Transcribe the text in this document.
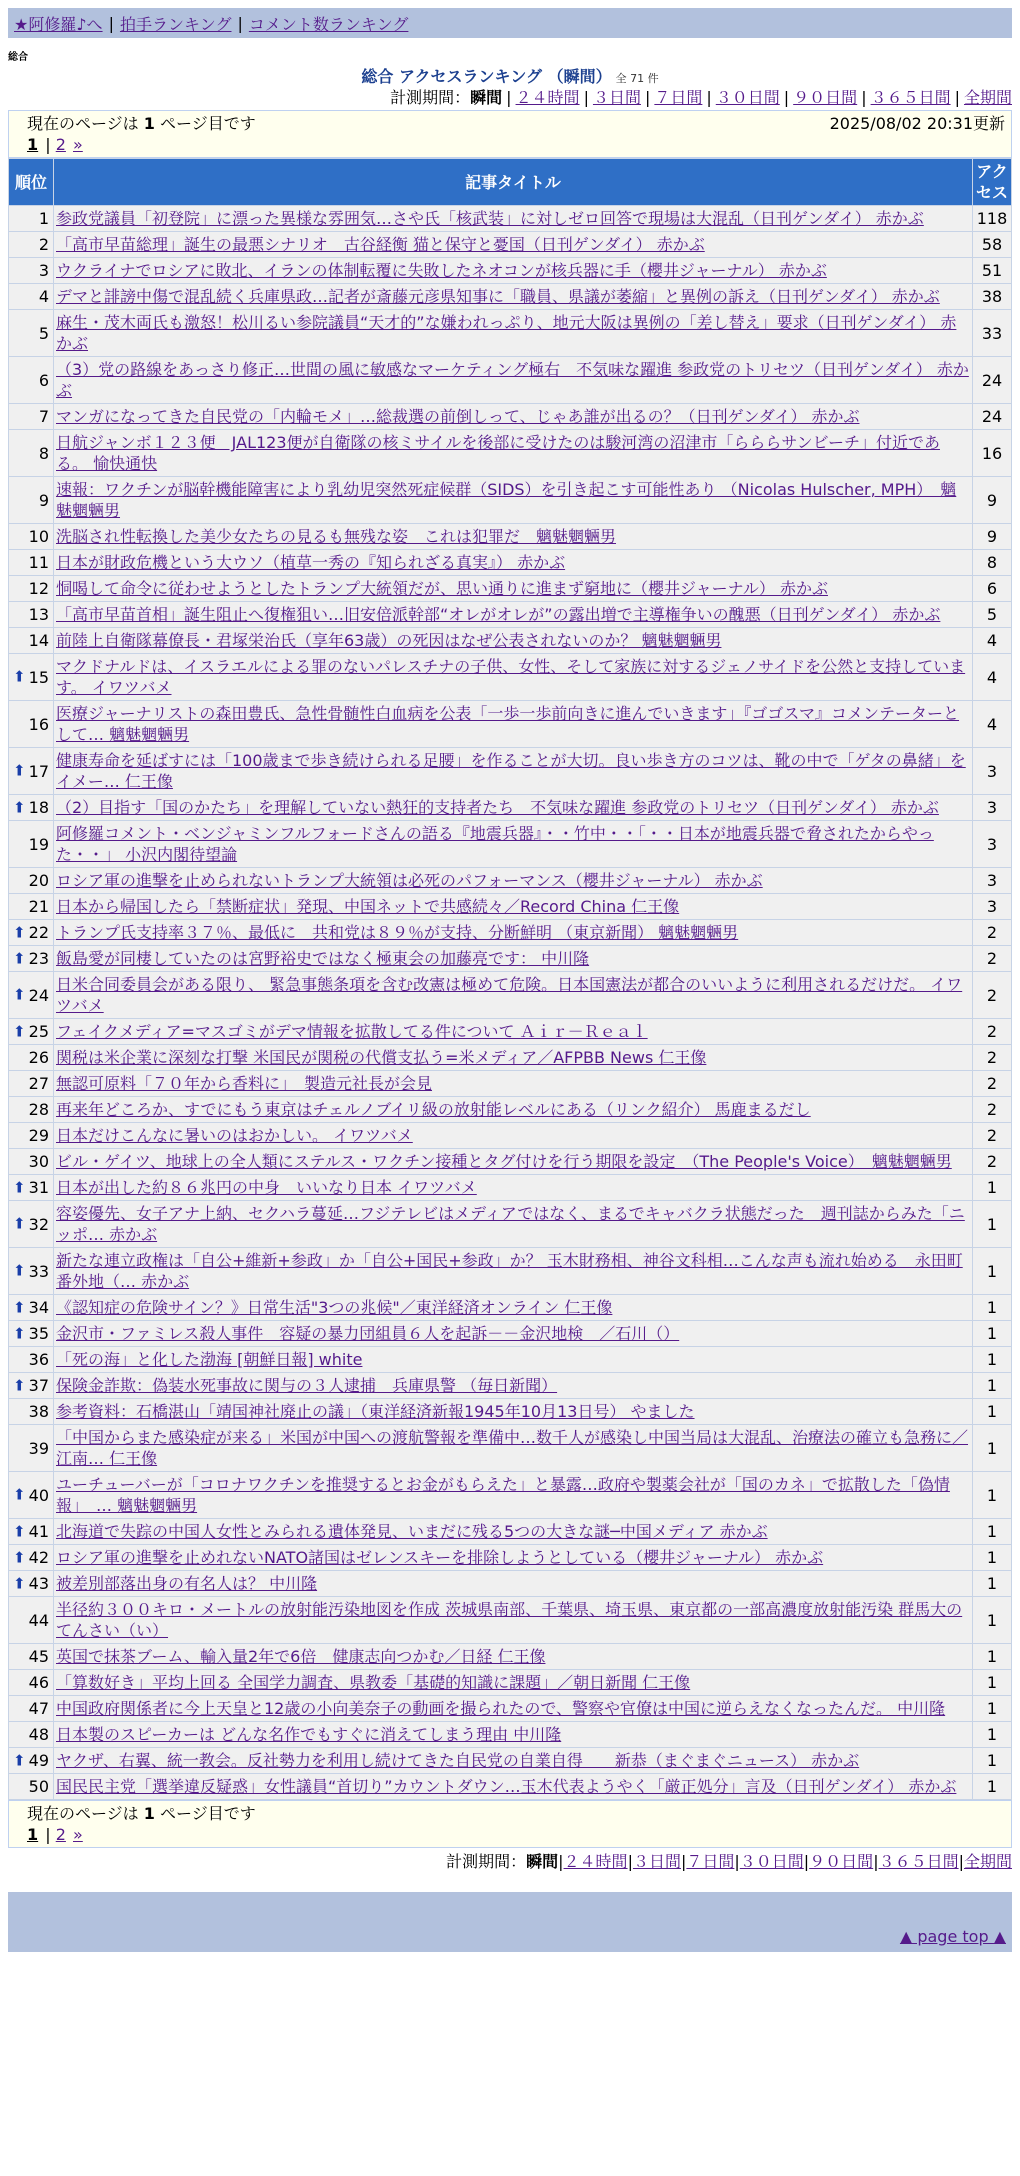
★阿修羅♪へ | 拍手ランキング | コメント数ランキング
総合
総合 アクセスランキング （瞬間） 全 71 件
計測期間：瞬間 | ２４時間 | ３日間 | ７日間 | ３０日間 | ９０日間 | ３６５日間 | 全期間
現在のページは 1 ページ目です	2025/08/02 20:31更新
1 | 2 »
順位	記事タイトル	アクセス
1	参政党議員「初登院」に漂った異様な雰囲気…さや氏「核武装」に対しゼロ回答で現場は大混乱（日刊ゲンダイ） 赤かぶ	118
2	「高市早苗総理」誕生の最悪シナリオ　古谷経衡 猫と保守と憂国（日刊ゲンダイ） 赤かぶ	58
3	ウクライナでロシアに敗北、イランの体制転覆に失敗したネオコンが核兵器に手（櫻井ジャーナル） 赤かぶ	51
4	デマと誹謗中傷で混乱続く兵庫県政…記者が斎藤元彦県知事に「職員、県議が萎縮」と異例の訴え（日刊ゲンダイ） 赤かぶ	38
5	麻生・茂木両氏も激怒！松川るい参院議員“天才的”な嫌われっぷり、地元大阪は異例の「差し替え」要求（日刊ゲンダイ） 赤かぶ	33
6	（3）党の路線をあっさり修正…世間の風に敏感なマーケティング極右　不気味な躍進 参政党のトリセツ（日刊ゲンダイ） 赤かぶ	24
7	マンガになってきた自民党の「内輪モメ」…総裁選の前倒しって、じゃあ誰が出るの？（日刊ゲンダイ） 赤かぶ	24
8	日航ジャンボ１２３便　JAL123便が自衛隊の核ミサイルを後部に受けたのは駿河湾の沼津市「らららサンビーチ」付近である。 愉快通快	16
9	速報：ワクチンが脳幹機能障害により乳幼児突然死症候群（SIDS）を引き起こす可能性あり （Nicolas Hulscher, MPH）　魑魅魍魎男	9
10	洗脳され性転換した美少女たちの見るも無残な姿　これは犯罪だ　魑魅魍魎男	9
11	日本が財政危機という大ウソ（植草一秀の『知られざる真実』） 赤かぶ	8
12	恫喝して命令に従わせようとしたトランプ大統領だが、思い通りに進まず窮地に（櫻井ジャーナル） 赤かぶ	6
13	「高市早苗首相」誕生阻止へ復権狙い…旧安倍派幹部“オレがオレが”の露出増で主導権争いの醜悪（日刊ゲンダイ） 赤かぶ	5
14	前陸上自衛隊幕僚長・君塚栄治氏（享年63歳）の死因はなぜ公表されないのか？ 魑魅魍魎男	4

⬆ 15	マクドナルドは、イスラエルによる罪のないパレスチナの子供、女性、そして家族に対するジェノサイドを公然と支持しています。 イワツバメ	4
16	医療ジャーナリストの森田豊氏、急性骨髄性白血病を公表「一歩一歩前向きに進んでいきます」『ゴゴスマ』コメンテーターとして… 魑魅魍魎男	4

⬆ 17	健康寿命を延ばすには「100歳まで歩き続けられる足腰」を作ることが大切。良い歩き方のコツは、靴の中で「ゲタの鼻緒」をイメー… 仁王像	3

⬆ 18	（2）目指す「国のかたち」を理解していない熱狂的支持者たち　不気味な躍進 参政党のトリセツ（日刊ゲンダイ） 赤かぶ	3
19	阿修羅コメント・ベンジャミンフルフォードさんの語る『地震兵器』・・竹中・・「・・日本が地震兵器で脅されたからやった・・」 小沢内閣待望論	3
20	ロシア軍の進撃を止められないトランプ大統領は必死のパフォーマンス（櫻井ジャーナル） 赤かぶ	3
21	日本から帰国したら「禁断症状」発現、中国ネットで共感続々／Record China 仁王像	3

⬆ 22	トランプ氏支持率３７％、最低に　共和党は８９％が支持、分断鮮明 （東京新聞） 魑魅魍魎男	2

⬆ 23	飯島愛が同棲していたのは宮野裕史ではなく極東会の加藤亮です： 中川隆	2

⬆ 24	日米合同委員会がある限り、 緊急事態条項を含む改憲は極めて危険。日本国憲法が都合のいいように利用されるだけだ。 イワツバメ	2

⬆ 25	フェイクメディア=マスゴミがデマ情報を拡散してる件について Ａｉｒ－Ｒｅａｌ	2
26	関税は米企業に深刻な打撃 米国民が関税の代償支払う=米メディア／AFPBB News 仁王像	2
27	無認可原料「７０年から香料に」　製造元社長が会見	2
28	再来年どころか、すでにもう東京はチェルノブイリ級の放射能レベルにある（リンク紹介） 馬鹿まるだし	2
29	日本だけこんなに暑いのはおかしい。 イワツバメ	2
30	ビル・ゲイツ、地球上の全人類にステルス・ワクチン接種とタグ付けを行う期限を設定　（The People's Voice）　魑魅魍魎男	2

⬆ 31	日本が出した約８６兆円の中身　いいなり日本 イワツバメ	1

⬆ 32	容姿優先、女子アナ上納、セクハラ蔓延…フジテレビはメディアではなく、まるでキャバクラ状態だった　週刊誌からみた「ニッポ… 赤かぶ	1

⬆ 33	新たな連立政権は「自公+維新+参政」か「自公+国民+参政」か？ 玉木財務相、神谷文科相…こんな声も流れ始める　永田町番外地（… 赤かぶ	1

⬆ 34	《認知症の危険サイン？》日常生活"3つの兆候"／東洋経済オンライン 仁王像	1

⬆ 35	金沢市・ファミレス殺人事件　容疑の暴力団組員６人を起訴－－金沢地検　／石川（）	1
36	「死の海」と化した渤海 [朝鮮日報] white	1

⬆ 37	保険金詐欺：偽装水死事故に関与の３人逮捕　兵庫県警 （毎日新聞）	1
38	参考資料：石橋湛山「靖国神社廃止の議」（東洋経済新報1945年10月13日号） やました	1
39	「中国からまた感染症が来る」米国が中国への渡航警報を準備中…数千人が感染し中国当局は大混乱、治療法の確立も急務に／江南… 仁王像	1

⬆ 40	ユーチューバーが「コロナワクチンを推奨するとお金がもらえた」と暴露…政府や製薬会社が「国のカネ」で拡散した「偽情報」　… 魑魅魍魎男	1

⬆ 41	北海道で失踪の中国人女性とみられる遺体発見、いまだに残る5つの大きな謎─中国メディア 赤かぶ	1

⬆ 42	ロシア軍の進撃を止めれないNATO諸国はゼレンスキーを排除しようとしている（櫻井ジャーナル） 赤かぶ	1

⬆ 43	被差別部落出身の有名人は？ 中川隆	1
44	半径約３００キロ・メートルの放射能汚染地図を作成 茨城県南部、千葉県、埼玉県、東京都の一部高濃度放射能汚染 群馬大のてんさい（い）	1
45	英国で抹茶ブーム、輸入量2年で6倍　健康志向つかむ／日経 仁王像	1
46	「算数好き」平均上回る 全国学力調査、県教委「基礎的知識に課題」／朝日新聞 仁王像	1
47	中国政府関係者に今上天皇と12歳の小向美奈子の動画を撮られたので、警察や官僚は中国に逆らえなくなったんだ。 中川隆	1
48	日本製のスピーカーは どんな名作でもすぐに消えてしまう理由 中川隆	1

⬆ 49	ヤクザ、右翼、統一教会。反社勢力を利用し続けてきた自民党の自業自得　　新恭（まぐまぐニュース） 赤かぶ	1
50	国民民主党「選挙違反疑惑」女性議員“首切り”カウントダウン…玉木代表ようやく「厳正処分」言及（日刊ゲンダイ） 赤かぶ	1
現在のページは 1 ページ目です
1 | 2 »
計測期間：瞬間|２４時間|３日間|７日間|３０日間|９０日間|３６５日間|全期間
▲ page top ▲
